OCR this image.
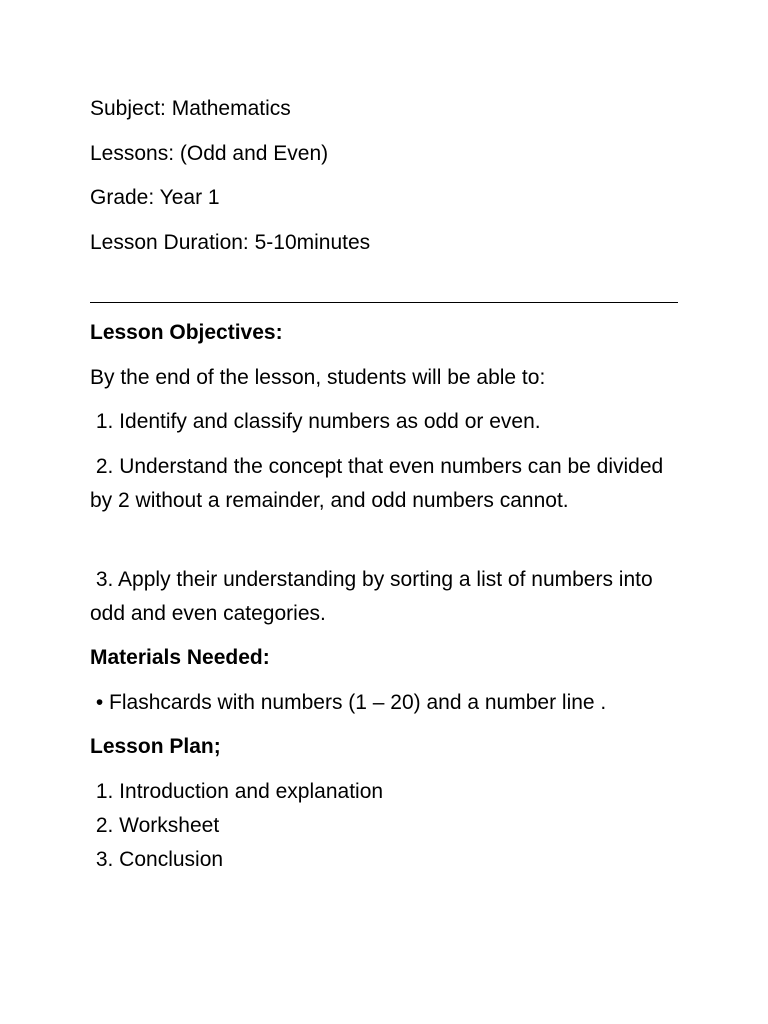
Subject: Mathematics
Lessons: (Odd and Even)
Grade: Year 1
Lesson Duration: 5-10minutes
Lesson Objectives:
By the end of the lesson, students will be able to:
1. Identify and classify numbers as odd or even.
2. Understand the concept that even numbers can be divided by 2 without a remainder, and odd numbers cannot.
3. Apply their understanding by sorting a list of numbers into odd and even categories.
Materials Needed:
• Flashcards with numbers (1 – 20) and a number line .
Lesson Plan;
1. Introduction and explanation
2. Worksheet
3. Conclusion
